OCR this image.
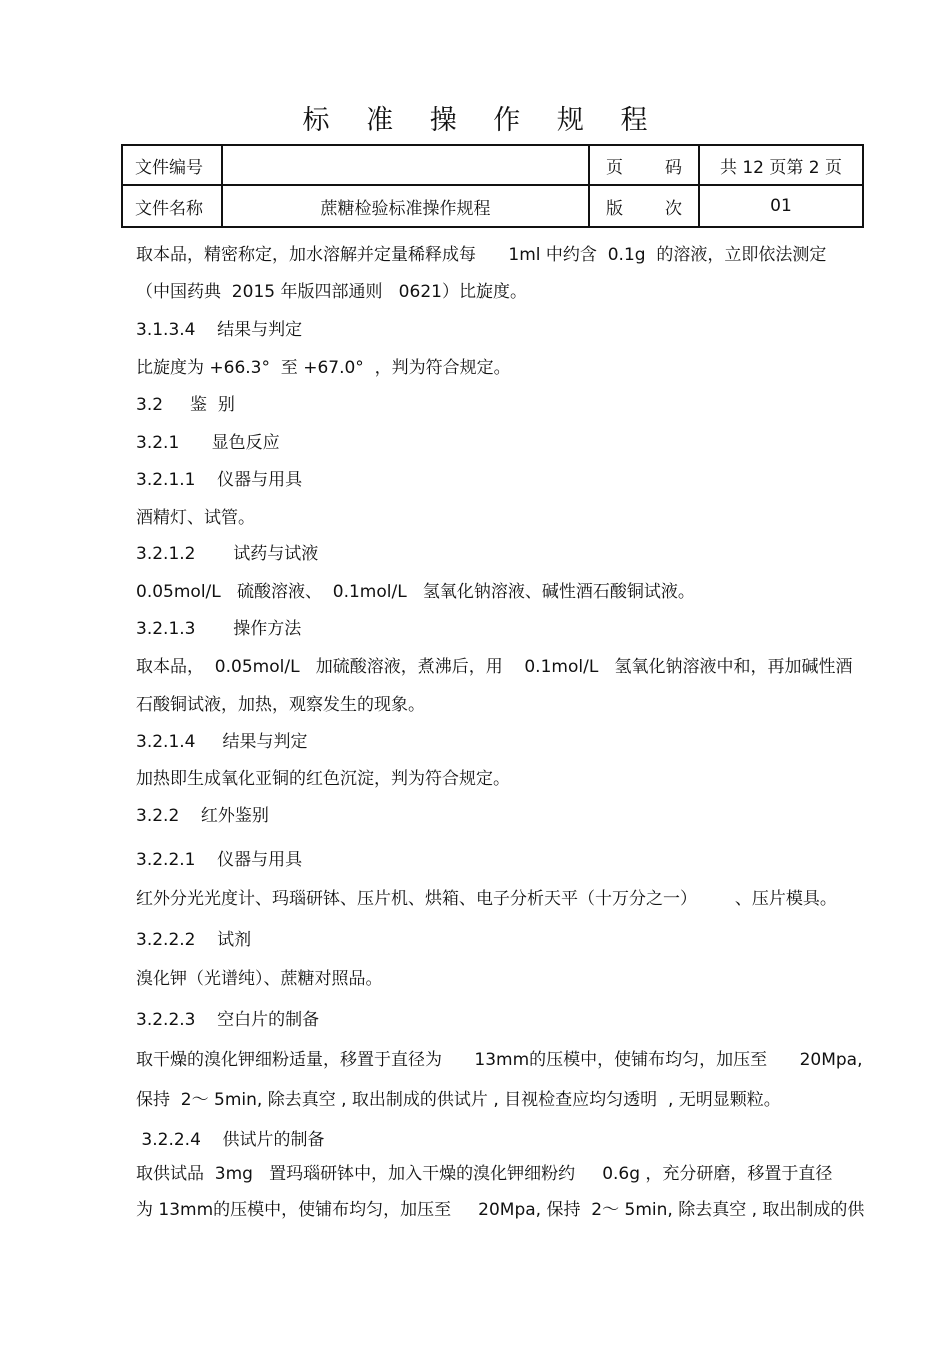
标 准 操 作 规 程
文件编号		页 码	共 12 页第 2 页
文件名称	蔗糖检验标准操作规程	版 次	01
取本品，精密称定，加水溶解并定量稀释成每      1ml 中约含  0.1g  的溶液，立即依法测定
（中国药典  2015 年版四部通则   0621）比旋度。
3.1.3.4    结果与判定
比旋度为 +66.3°  至 +67.0°  ，判为符合规定。
3.2     鉴  别
3.2.1      显色反应
3.2.1.1    仪器与用具
酒精灯、试管。
3.2.1.2       试药与试液
0.05mol/L   硫酸溶液、  0.1mol/L   氢氧化钠溶液、碱性酒石酸铜试液。
3.2.1.3       操作方法
取本品，  0.05mol/L   加硫酸溶液，煮沸后，用    0.1mol/L   氢氧化钠溶液中和，再加碱性酒
石酸铜试液，加热，观察发生的现象。
3.2.1.4     结果与判定
加热即生成氧化亚铜的红色沉淀，判为符合规定。
3.2.2    红外鉴别
3.2.2.1    仪器与用具
红外分光光度计、玛瑙研钵、压片机、烘箱、电子分析天平（十万分之一）       、压片模具。
3.2.2.2    试剂
溴化钾（光谱纯）、蔗糖对照品。
3.2.2.3    空白片的制备
取干燥的溴化钾细粉适量，移置于直径为      13mm的压模中，使铺布均匀，加压至      20Mpa,
保持  2～ 5min, 除去真空 , 取出制成的供试片 , 目视检查应均匀透明  , 无明显颗粒。
3.2.2.4    供试片的制备
取供试品  3mg   置玛瑙研钵中，加入干燥的溴化钾细粉约     0.6g ，充分研磨，移置于直径
为 13mm的压模中，使铺布均匀，加压至     20Mpa, 保持  2～ 5min, 除去真空 , 取出制成的供
